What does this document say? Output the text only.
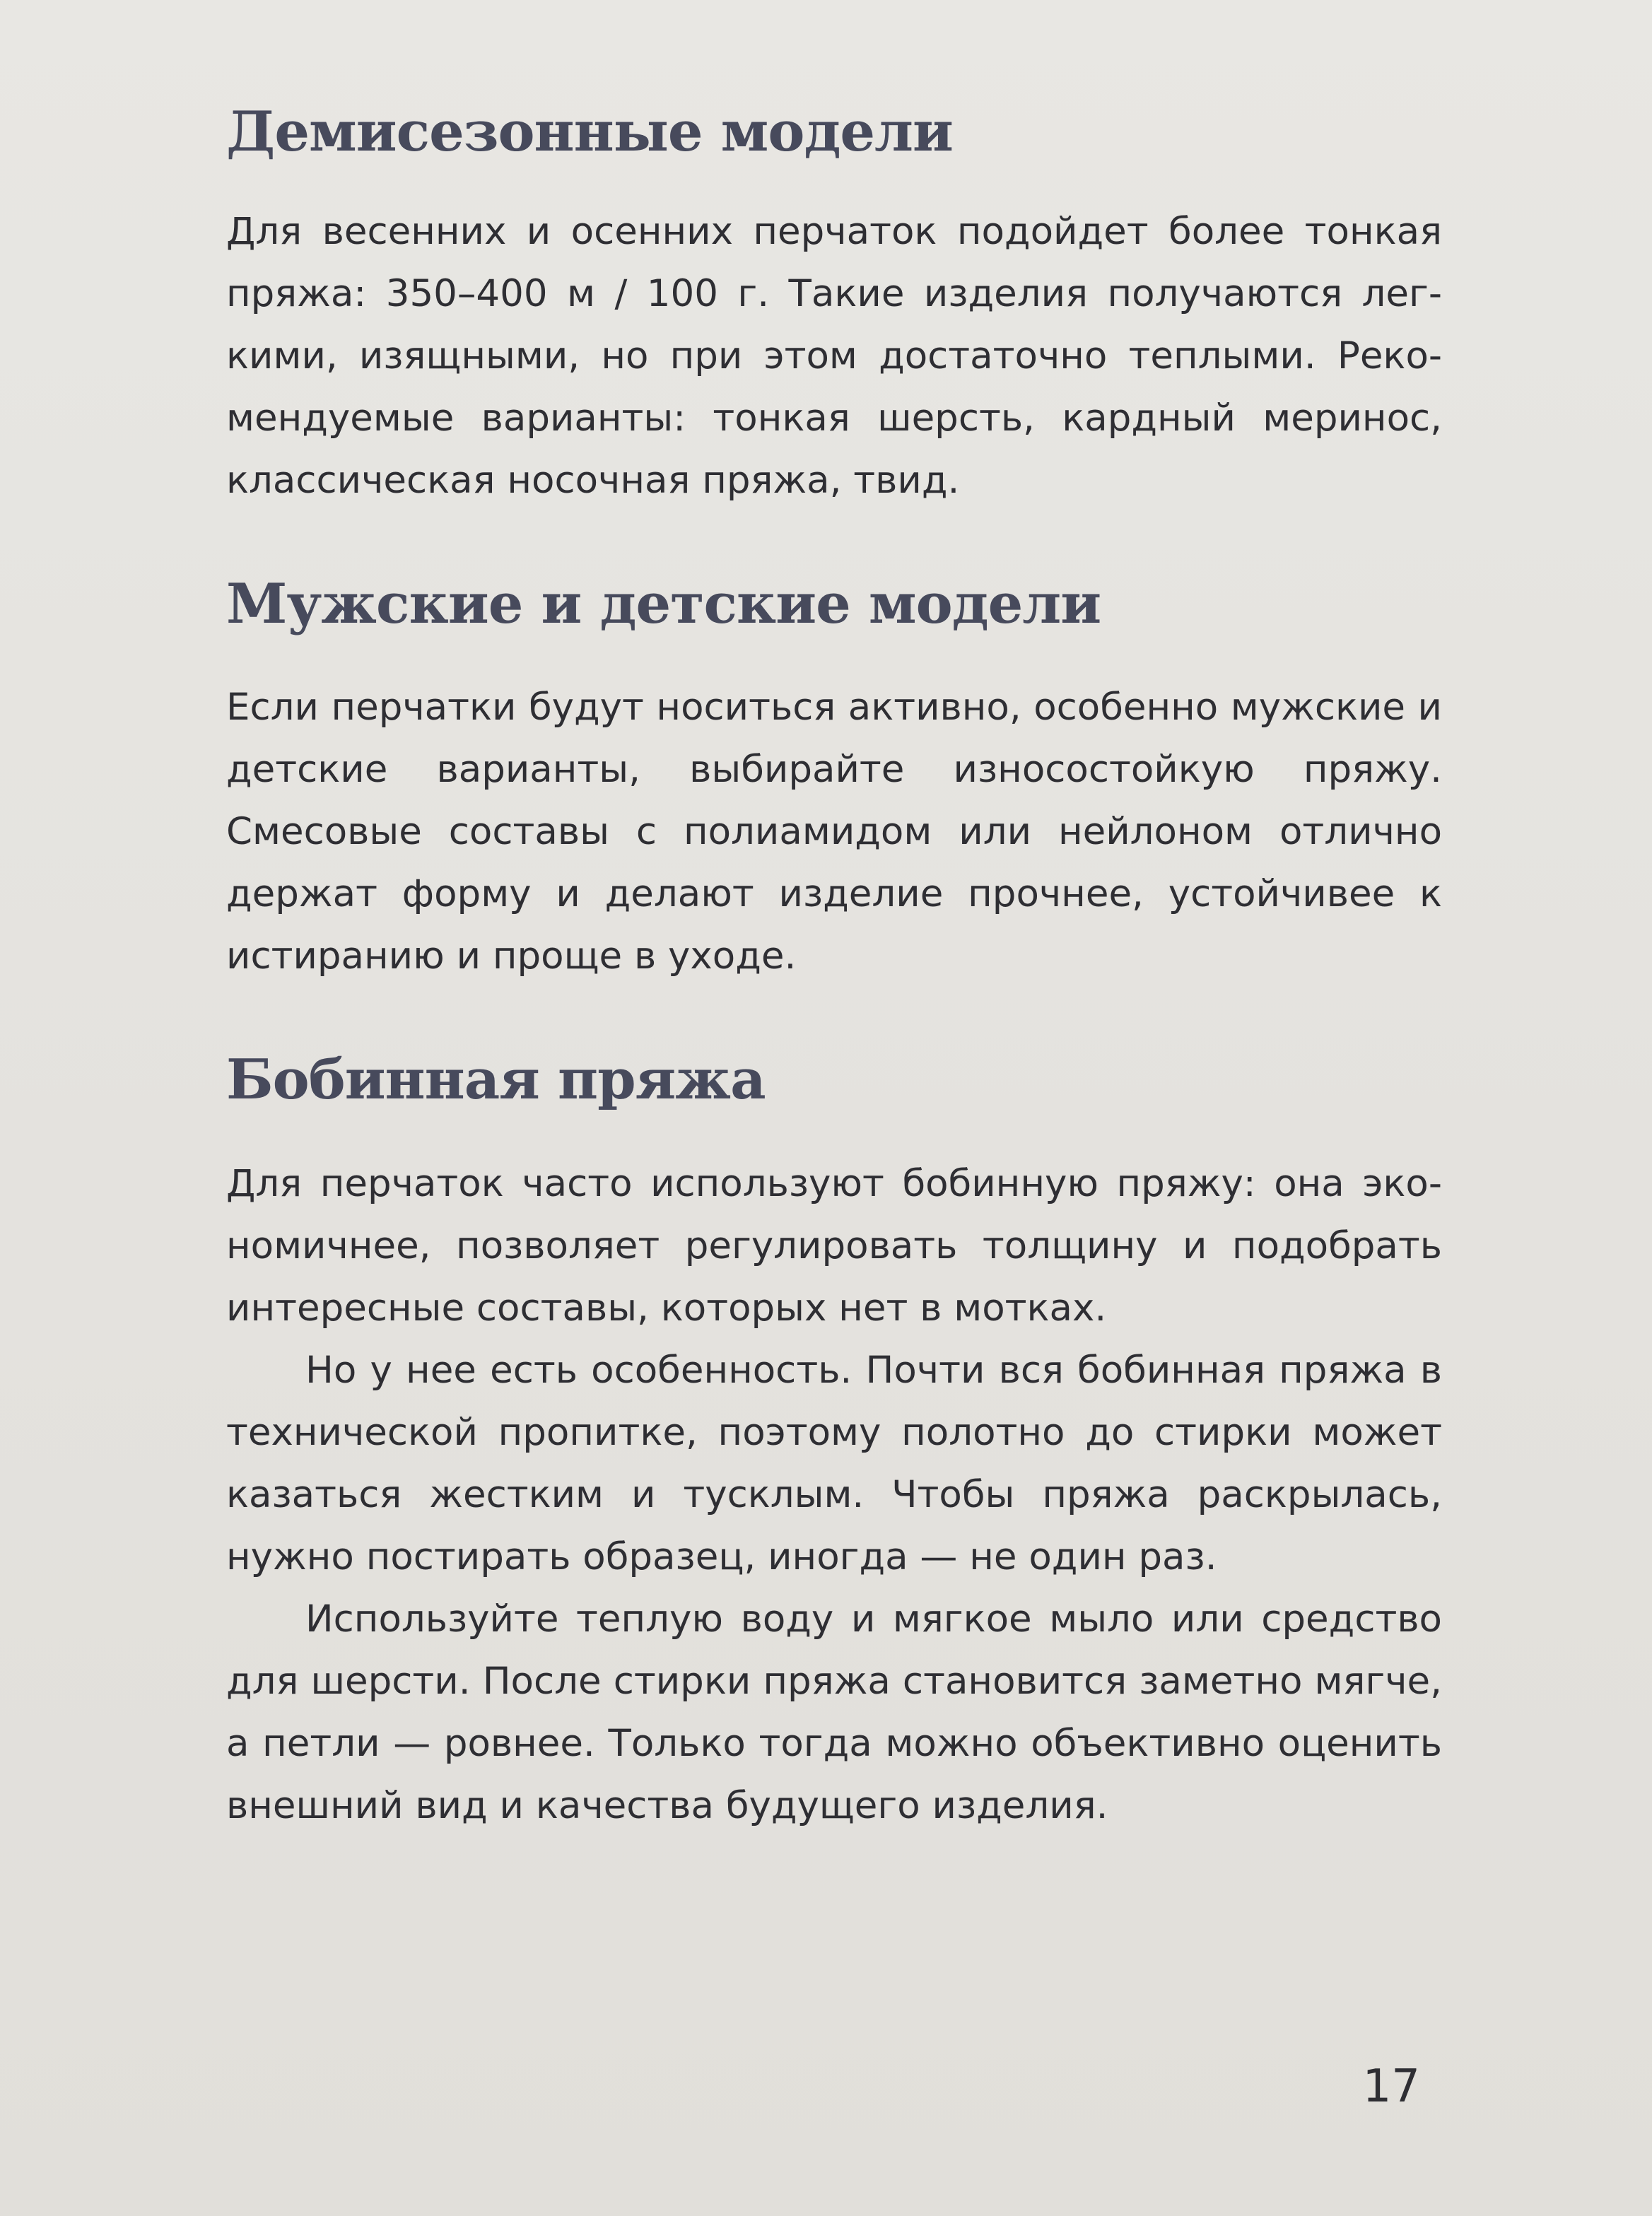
Демисезонные модели

Для весенних и осенних перчаток подойдет более тонкая пряжа: 350–400 м / 100 г. Такие изделия получаются легкими, изящными, но при этом достаточно теплыми. Рекомендуемые варианты: тонкая шерсть, кардный меринос, классическая носочная пряжа, твид.

Мужские и детские модели

Если перчатки будут носиться активно, особенно мужские и детские варианты, выбирайте износостойкую пряжу. Смесовые составы с полиамидом или нейлоном отлично держат форму и делают изделие прочнее, устойчивее к истиранию и проще в уходе.

Бобинная пряжа

Для перчаток часто используют бобинную пряжу: она экономичнее, позволяет регулировать толщину и подобрать интересные составы, которых нет в мотках.

Но у нее есть особенность. Почти вся бобинная пряжа в технической пропитке, поэтому полотно до стирки может казаться жестким и тусклым. Чтобы пряжа раскрылась, нужно постирать образец, иногда — не один раз.

Используйте теплую воду и мягкое мыло или средство для шерсти. После стирки пряжа становится заметно мягче, а петли — ровнее. Только тогда можно объективно оценить внешний вид и качества будущего изделия.

17
